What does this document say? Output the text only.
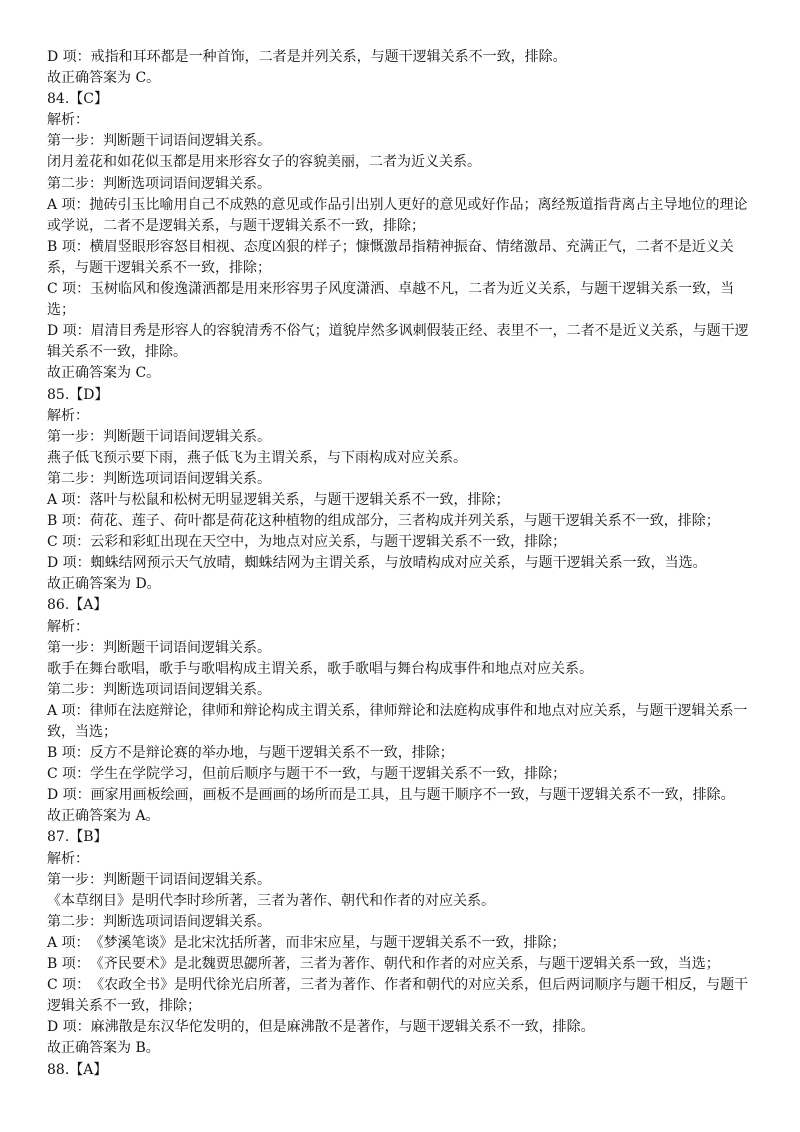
D 项：戒指和耳环都是一种首饰，二者是并列关系，与题干逻辑关系不一致，排除。

故正确答案为 C。

84.【C】

解析：

第一步：判断题干词语间逻辑关系。

闭月羞花和如花似玉都是用来形容女子的容貌美丽，二者为近义关系。

第二步：判断选项词语间逻辑关系。

A 项：抛砖引玉比喻用自己不成熟的意见或作品引出别人更好的意见或好作品；离经叛道指背离占主导地位的理论或学说，二者不是逻辑关系，与题干逻辑关系不一致，排除；

B 项：横眉竖眼形容怒目相视、态度凶狠的样子；慷慨激昂指精神振奋、情绪激昂、充满正气，二者不是近义关系，与题干逻辑关系不一致，排除；

C 项：玉树临风和俊逸潇洒都是用来形容男子风度潇洒、卓越不凡，二者为近义关系，与题干逻辑关系一致，当选；

D 项：眉清目秀是形容人的容貌清秀不俗气；道貌岸然多讽刺假装正经、表里不一，二者不是近义关系，与题干逻辑关系不一致，排除。

故正确答案为 C。

85.【D】

解析：

第一步：判断题干词语间逻辑关系。

燕子低飞预示要下雨，燕子低飞为主谓关系，与下雨构成对应关系。

第二步：判断选项词语间逻辑关系。

A 项：落叶与松鼠和松树无明显逻辑关系，与题干逻辑关系不一致，排除；

B 项：荷花、莲子、荷叶都是荷花这种植物的组成部分，三者构成并列关系，与题干逻辑关系不一致，排除；

C 项：云彩和彩虹出现在天空中，为地点对应关系，与题干逻辑关系不一致，排除；

D 项：蜘蛛结网预示天气放晴，蜘蛛结网为主谓关系，与放晴构成对应关系，与题干逻辑关系一致，当选。

故正确答案为 D。

86.【A】

解析：

第一步：判断题干词语间逻辑关系。

歌手在舞台歌唱，歌手与歌唱构成主谓关系，歌手歌唱与舞台构成事件和地点对应关系。

第二步：判断选项词语间逻辑关系。

A 项：律师在法庭辩论，律师和辩论构成主谓关系，律师辩论和法庭构成事件和地点对应关系，与题干逻辑关系一致，当选；

B 项：反方不是辩论赛的举办地，与题干逻辑关系不一致，排除；

C 项：学生在学院学习，但前后顺序与题干不一致，与题干逻辑关系不一致，排除；

D 项：画家用画板绘画，画板不是画画的场所而是工具，且与题干顺序不一致，与题干逻辑关系不一致，排除。

故正确答案为 A。

87.【B】

解析：

第一步：判断题干词语间逻辑关系。

《本草纲目》是明代李时珍所著，三者为著作、朝代和作者的对应关系。

第二步：判断选项词语间逻辑关系。

A 项：《梦溪笔谈》是北宋沈括所著，而非宋应星，与题干逻辑关系不一致，排除；

B 项：《齐民要术》是北魏贾思勰所著，三者为著作、朝代和作者的对应关系，与题干逻辑关系一致，当选；

C 项：《农政全书》是明代徐光启所著，三者为著作、作者和朝代的对应关系，但后两词顺序与题干相反，与题干逻辑关系不一致，排除；

D 项：麻沸散是东汉华佗发明的，但是麻沸散不是著作，与题干逻辑关系不一致，排除。

故正确答案为 B。

88.【A】
